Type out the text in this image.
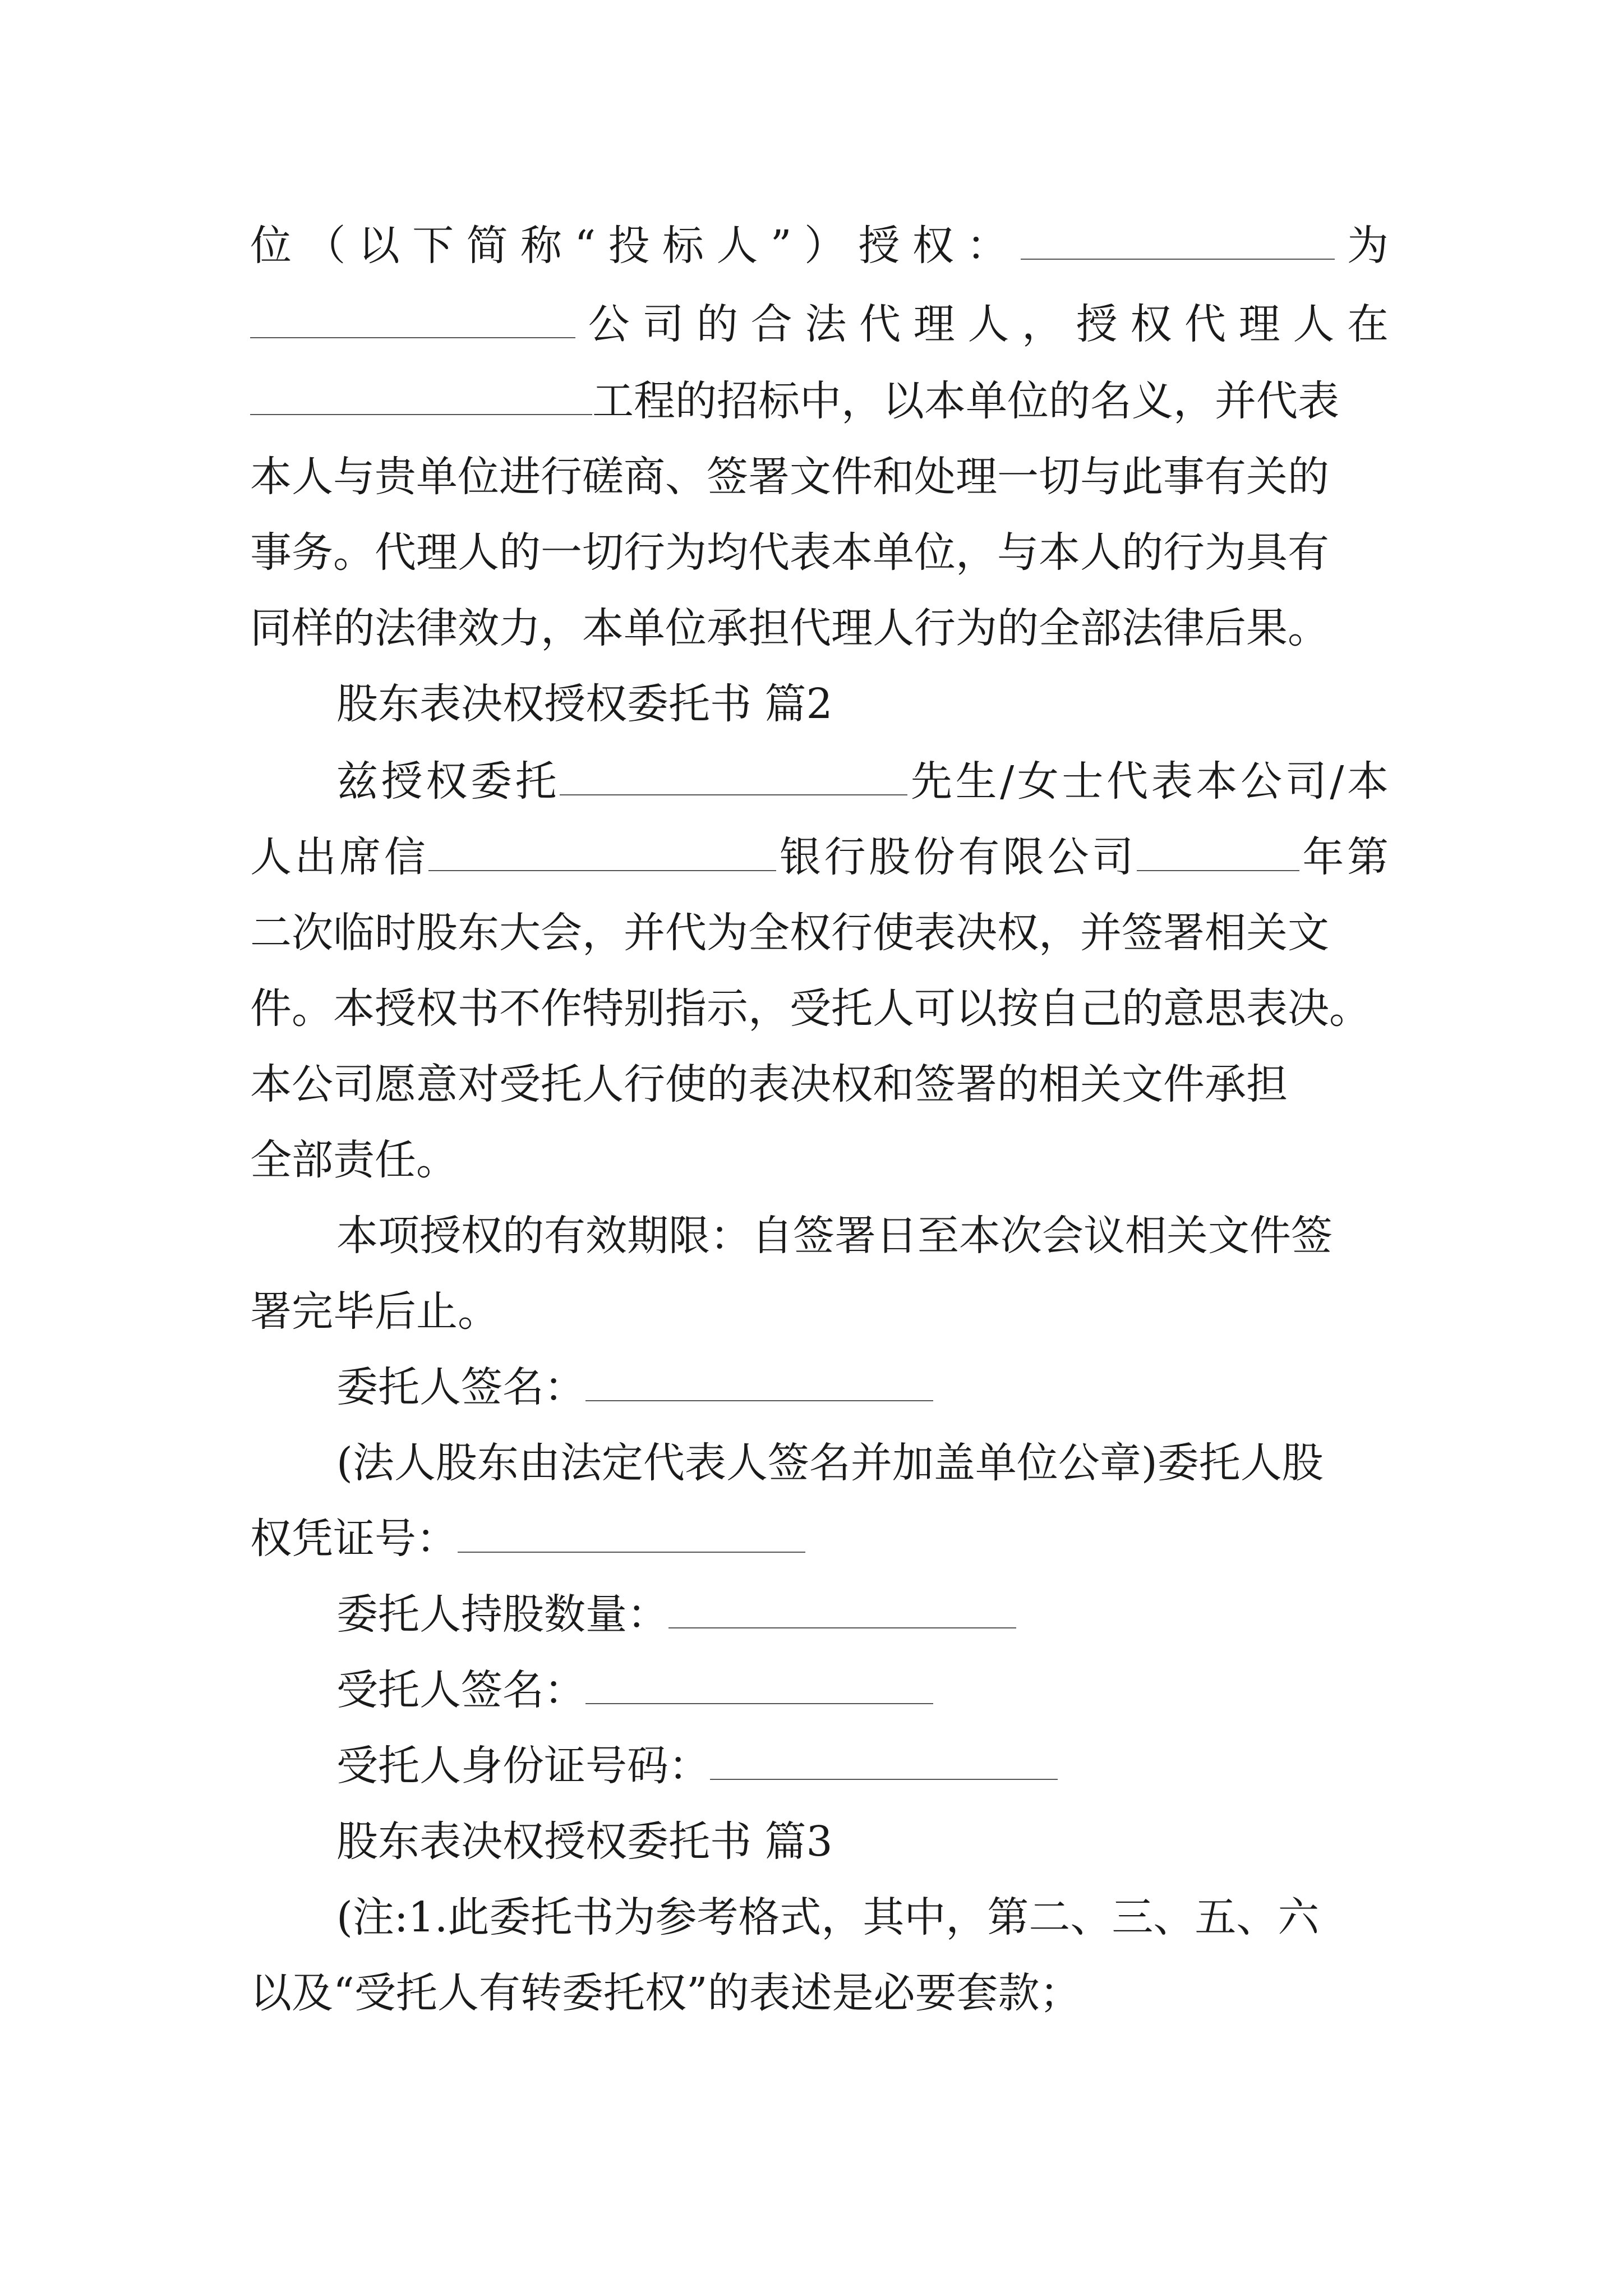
位（以下简称“投标人”）授权：	为
公司的合法代理人，授权代理人在
工程的招标中，以本单位的名义，并代表
本人与贵单位进行磋商、签署文件和处理一切与此事有关的
事务。代理人的一切行为均代表本单位，与本人的行为具有
同样的法律效力，本单位承担代理人行为的全部法律后果。
股东表决权授权委托书 篇2
兹授权委托	先生/女士代表本公司/本
人出席信	银行股份有限公司	年第
二次临时股东大会，并代为全权行使表决权，并签署相关文
件。本授权书不作特别指示，受托人可以按自己的意思表决。
本公司愿意对受托人行使的表决权和签署的相关文件承担
全部责任。
本项授权的有效期限：自签署日至本次会议相关文件签
署完毕后止。
委托人签名：
(法人股东由法定代表人签名并加盖单位公章)委托人股
权凭证号：
委托人持股数量：
受托人签名：
受托人身份证号码：
股东表决权授权委托书 篇3
(注:1.此委托书为参考格式，其中，第二、三、五、六
以及“受托人有转委托权”的表述是必要套款；
